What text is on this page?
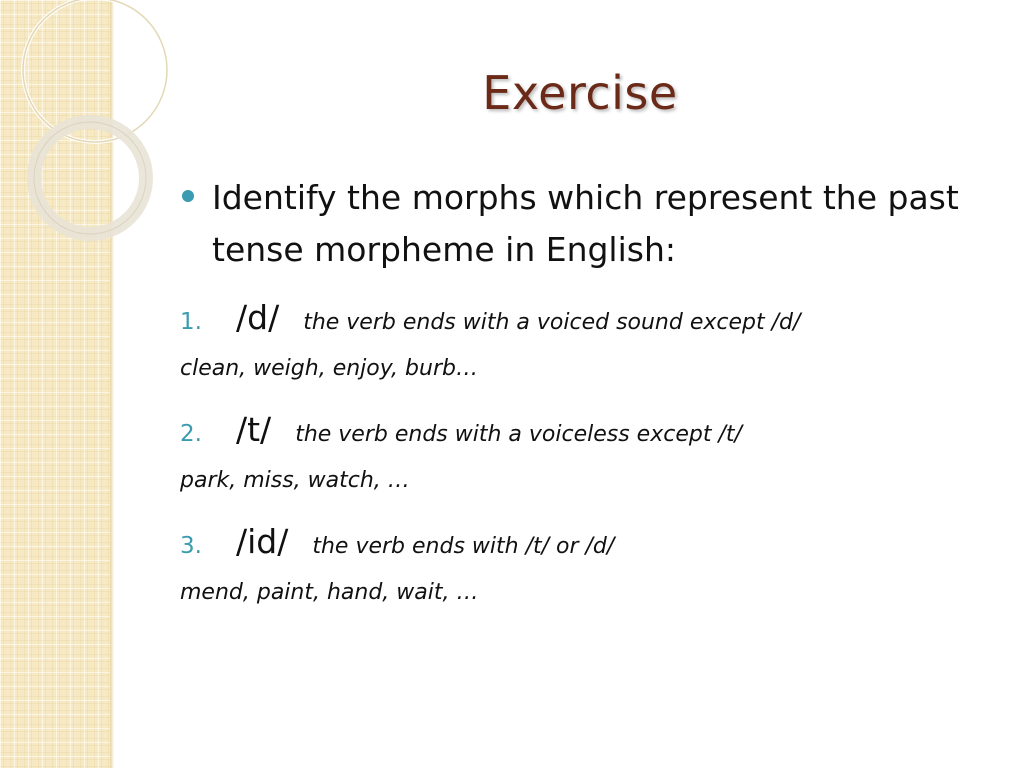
Exercise
Identify the morphs which represent the past tense morpheme in English:
1. /d/ the verb ends with a voiced sound except /d/
clean, weigh, enjoy, burb…
2. /t/ the verb ends with a voiceless except /t/
park, miss, watch, …
3. /id/ the verb ends with /t/ or /d/
mend, paint, hand, wait, …
